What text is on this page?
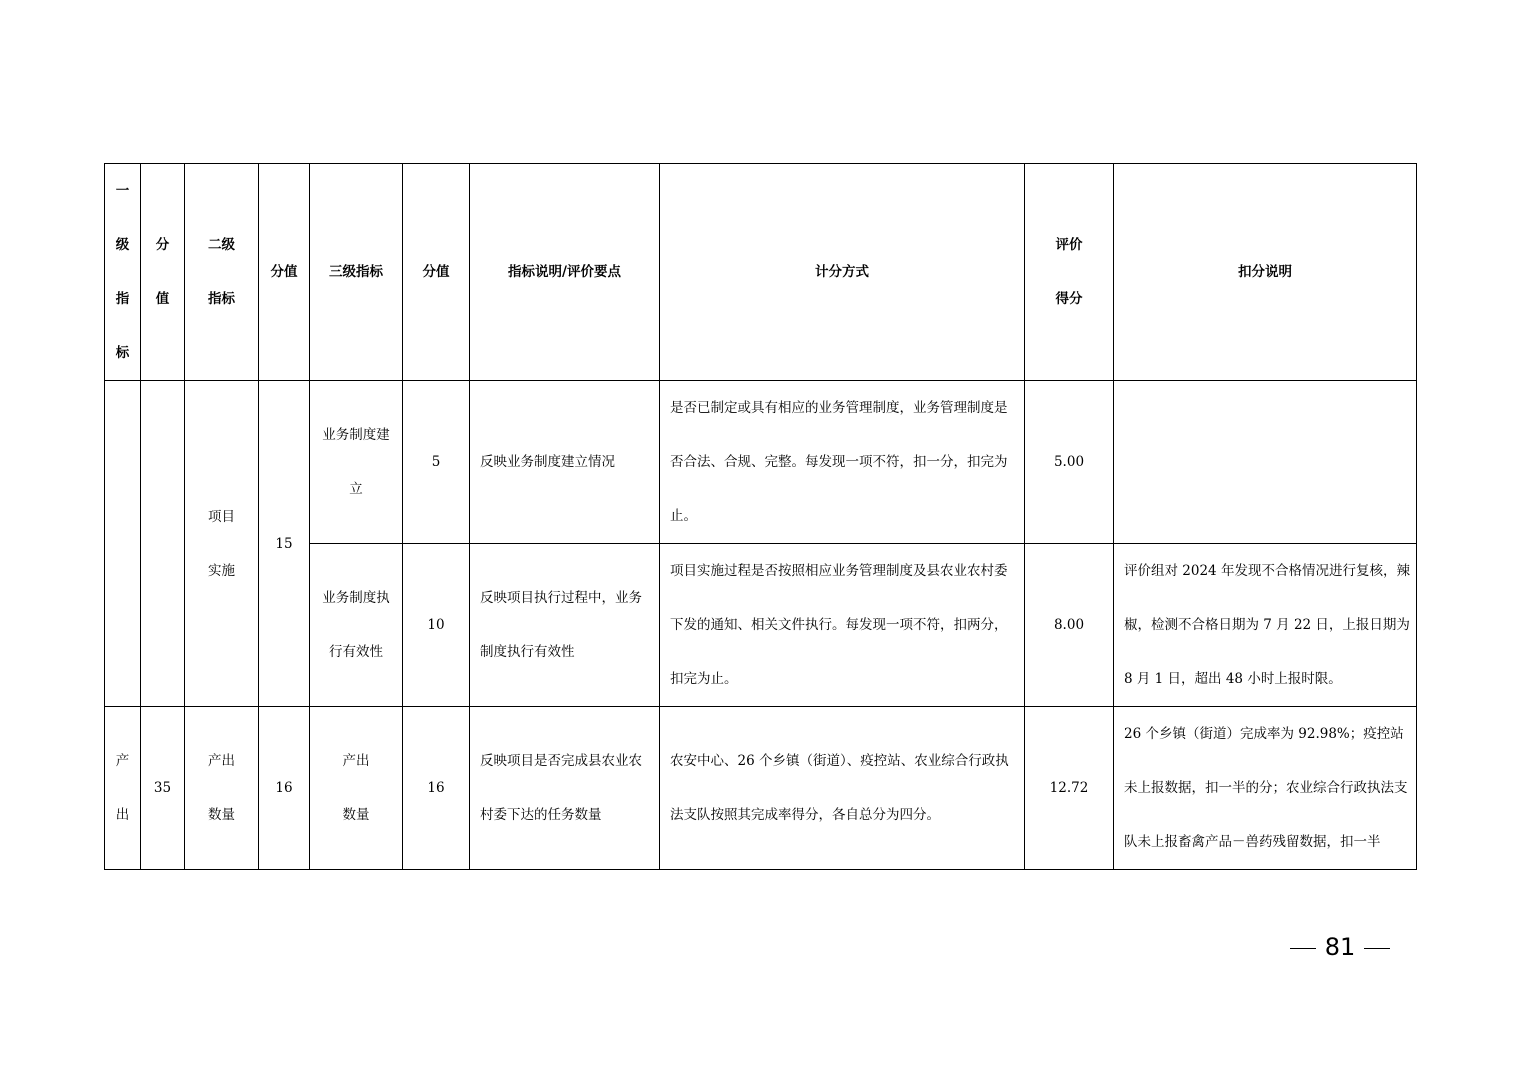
一级指标	分值	二级指标	分值	三级指标	分值	指标说明/评价要点	计分方式	评价得分	扣分说明
		项目实施	15	业务制度建立	5	反映业务制度建立情况	是否已制定或具有相应的业务管理制度，业务管理制度是否合法、合规、完整。每发现一项不符，扣一分，扣完为止。	5.00	
				业务制度执行有效性	10	反映项目执行过程中，业务制度执行有效性	项目实施过程是否按照相应业务管理制度及县农业农村委下发的通知、相关文件执行。每发现一项不符，扣两分，扣完为止。	8.00	评价组对 2024 年发现不合格情况进行复核，辣椒，检测不合格日期为 7 月 22 日，上报日期为 8 月 1 日，超出 48 小时上报时限。
产出	35	产出数量	16	产出数量	16	反映项目是否完成县农业农村委下达的任务数量	农安中心、26 个乡镇（街道）、疫控站、农业综合行政执法支队按照其完成率得分，各自总分为四分。	12.72	26 个乡镇（街道）完成率为 92.98%；疫控站未上报数据，扣一半的分；农业综合行政执法支队未上报畜禽产品－兽药残留数据，扣一半
81
